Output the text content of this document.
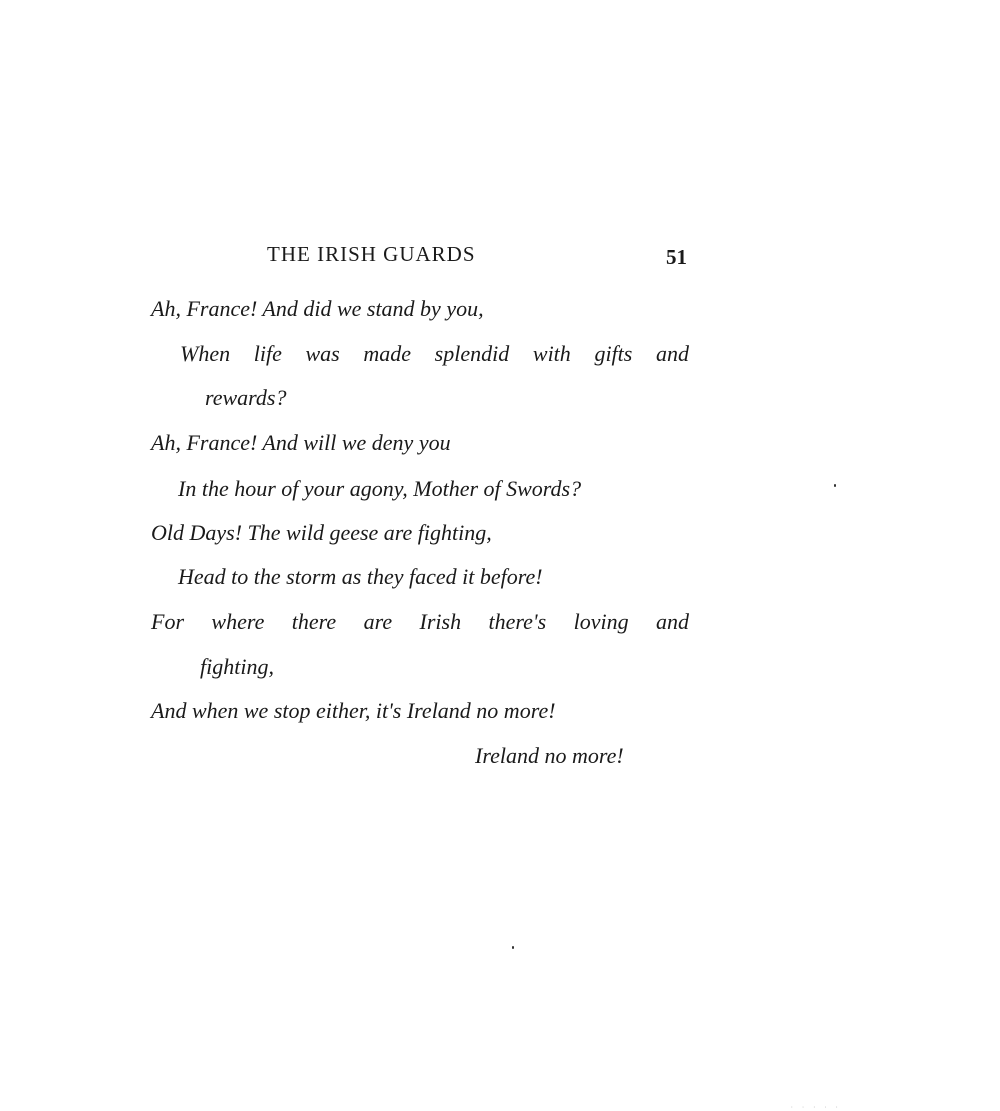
THE IRISH GUARDS	51
Ah, France! And did we stand by you,
When life was made splendid with gifts and
rewards?
Ah, France! And will we deny you
In the hour of your agony, Mother of Swords?
Old Days! The wild geese are fighting,
Head to the storm as they faced it before!
For where there are Irish there's loving and
fighting,
And when we stop either, it's Ireland no more!
Ireland no more!
· · · · ·
